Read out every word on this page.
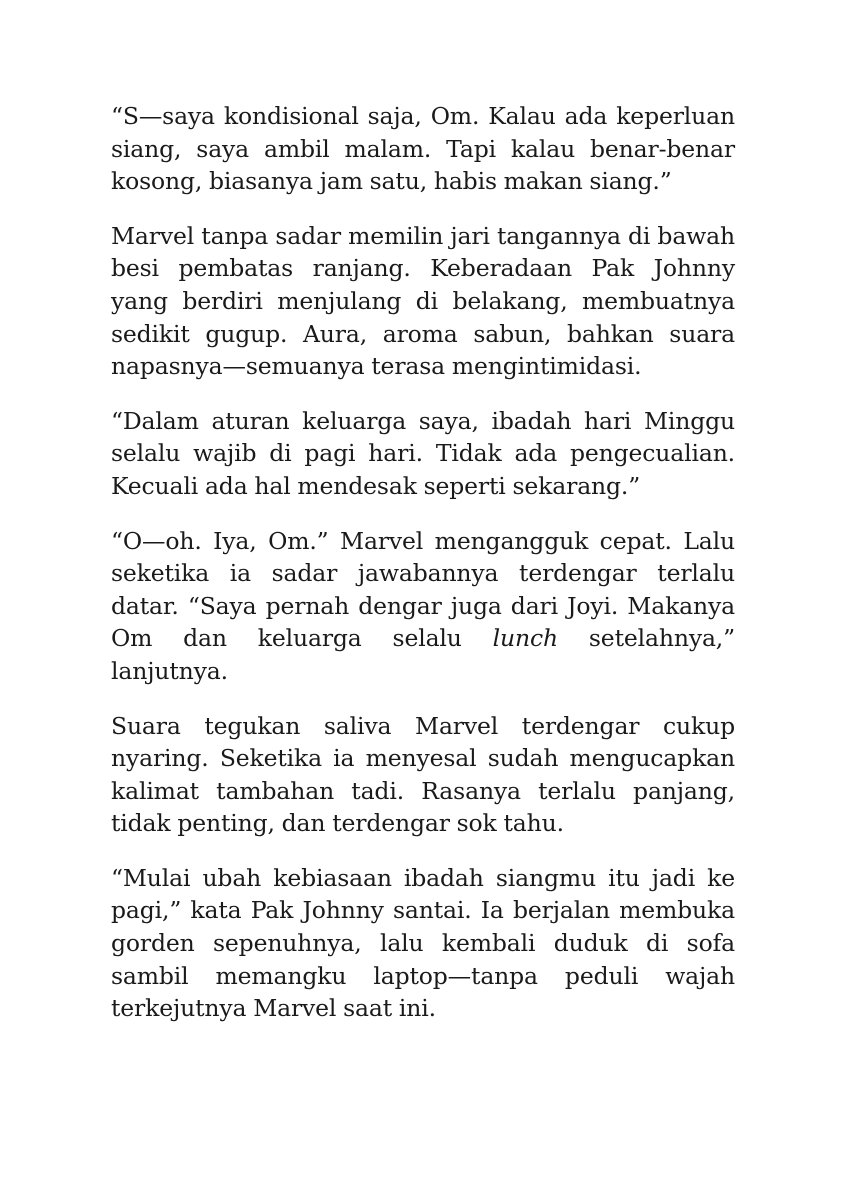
“S—saya kondisional saja, Om. Kalau ada keperluan siang, saya ambil malam. Tapi kalau benar-benar kosong, biasanya jam satu, habis makan siang.”

Marvel tanpa sadar memilin jari tangannya di bawah besi pembatas ranjang. Keberadaan Pak Johnny yang berdiri menjulang di belakang, membuatnya sedikit gugup. Aura, aroma sabun, bahkan suara napasnya—semuanya terasa mengintimidasi.

“Dalam aturan keluarga saya, ibadah hari Minggu selalu wajib di pagi hari. Tidak ada pengecualian. Kecuali ada hal mendesak seperti sekarang.”

“O—oh. Iya, Om.” Marvel mengangguk cepat. Lalu seketika ia sadar jawabannya terdengar terlalu datar. “Saya pernah dengar juga dari Joyi. Makanya Om dan keluarga selalu lunch setelahnya,” lanjutnya.

Suara tegukan saliva Marvel terdengar cukup nyaring. Seketika ia menyesal sudah mengucapkan kalimat tambahan tadi. Rasanya terlalu panjang, tidak penting, dan terdengar sok tahu.

“Mulai ubah kebiasaan ibadah siangmu itu jadi ke pagi,” kata Pak Johnny santai. Ia berjalan membuka gorden sepenuhnya, lalu kembali duduk di sofa sambil memangku laptop—tanpa peduli wajah terkejutnya Marvel saat ini.
